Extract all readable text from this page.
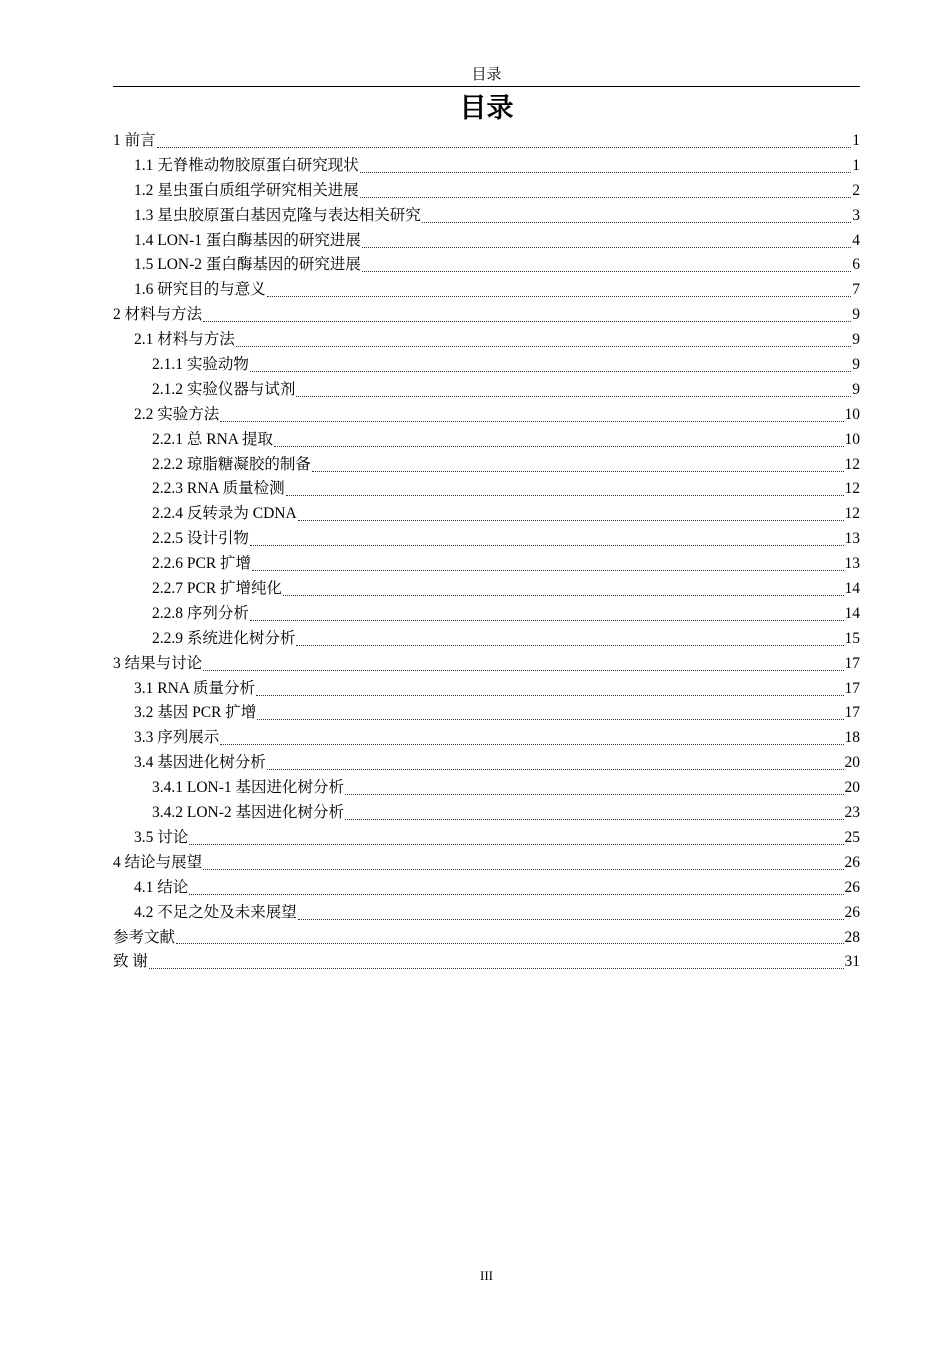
目录
目录
1 前言	1
1.1 无脊椎动物胶原蛋白研究现状	1
1.2 星虫蛋白质组学研究相关进展	2
1.3 星虫胶原蛋白基因克隆与表达相关研究	3
1.4 LON-1 蛋白酶基因的研究进展	4
1.5 LON-2 蛋白酶基因的研究进展	6
1.6 研究目的与意义	7
2 材料与方法	9
2.1 材料与方法	9
2.1.1 实验动物	9
2.1.2 实验仪器与试剂	9
2.2 实验方法	10
2.2.1 总 RNA 提取	10
2.2.2 琼脂糖凝胶的制备	12
2.2.3 RNA 质量检测	12
2.2.4 反转录为 CDNA	12
2.2.5 设计引物	13
2.2.6 PCR 扩增	13
2.2.7 PCR 扩增纯化	14
2.2.8 序列分析	14
2.2.9 系统进化树分析	15
3 结果与讨论	17
3.1 RNA 质量分析	17
3.2 基因 PCR 扩增	17
3.3 序列展示	18
3.4 基因进化树分析	20
3.4.1 LON-1 基因进化树分析	20
3.4.2 LON-2 基因进化树分析	23
3.5 讨论	25
4 结论与展望	26
4.1 结论	26
4.2 不足之处及未来展望	26
参考文献	28
致 谢	31
III
